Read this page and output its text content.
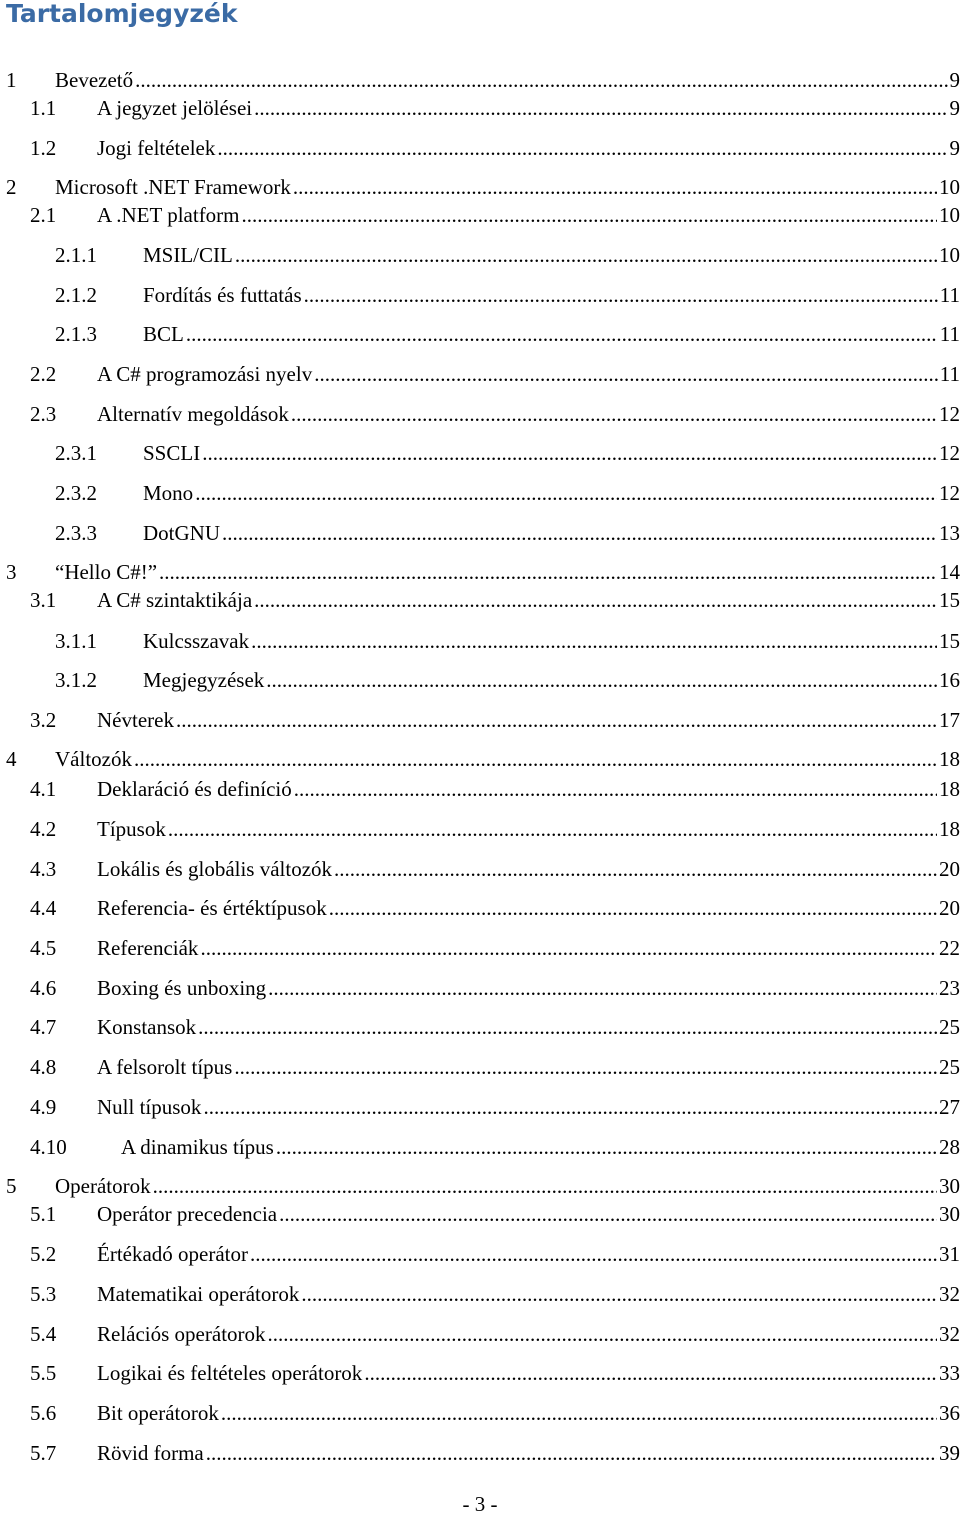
Tartalomjegyzék
1 Bevezető .....	9
1.1 A jegyzet jelölései .....	9
1.2 Jogi feltételek .....	9
2 Microsoft .NET Framework .....	10
2.1 A .NET platform .....	10
2.1.1 MSIL/CIL .....	10
2.1.2 Fordítás és futtatás .....	11
2.1.3 BCL .....	11
2.2 A C# programozási nyelv .....	11
2.3 Alternatív megoldások .....	12
2.3.1 SSCLI .....	12
2.3.2 Mono .....	12
2.3.3 DotGNU .....	13
3 “Hello C#!” .....	14
3.1 A C# szintaktikája .....	15
3.1.1 Kulcsszavak .....	15
3.1.2 Megjegyzések .....	16
3.2 Névterek .....	17
4 Változók .....	18
4.1 Deklaráció és definíció .....	18
4.2 Típusok .....	18
4.3 Lokális és globális változók .....	20
4.4 Referencia- és értéktípusok .....	20
4.5 Referenciák .....	22
4.6 Boxing és unboxing .....	23
4.7 Konstansok .....	25
4.8 A felsorolt típus .....	25
4.9 Null típusok .....	27
4.10	A dinamikus típus .....	28
5 Operátorok .....	30
5.1 Operátor precedencia .....	30
5.2 Értékadó operátor .....	31
5.3 Matematikai operátorok .....	32
5.4 Relációs operátorok .....	32
5.5 Logikai és feltételes operátorok .....	33
5.6 Bit operátorok .....	36
5.7 Rövid forma .....	39
- 3 -
